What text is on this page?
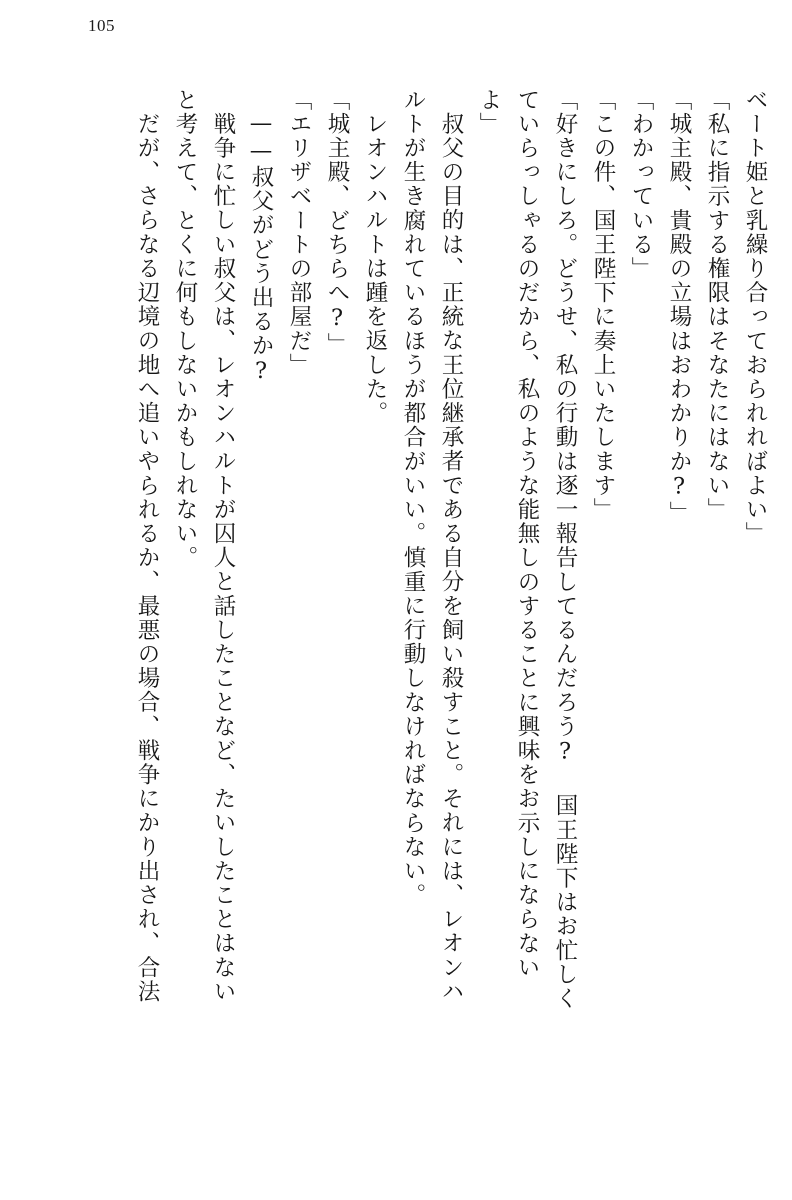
105
ベート姫と乳繰り合っておられればよい」
「私に指示する権限はそなたにはない」
「城主殿、貴殿の立場はおわかりか?」
「わかっている」
「この件、国王陛下に奏上いたします」
「好きにしろ。どうせ、私の行動は逐一報告してるんだろう? 国王陛下はお忙しく
ていらっしゃるのだから、私のような能無しのすることに興味をお示しにならない
よ」
叔父の目的は、正統な王位継承者である自分を飼い殺すこと。それには、レオンハ
ルトが生き腐れているほうが都合がいい。慎重に行動しなければならない。
レオンハルトは踵を返した。
「城主殿、どちらへ?」
「エリザベートの部屋だ」
——叔父がどう出るか?
戦争に忙しい叔父は、レオンハルトが囚人と話したことなど、たいしたことはない
と考えて、とくに何もしないかもしれない。
だが、さらなる辺境の地へ追いやられるか、最悪の場合、戦争にかり出され、合法
